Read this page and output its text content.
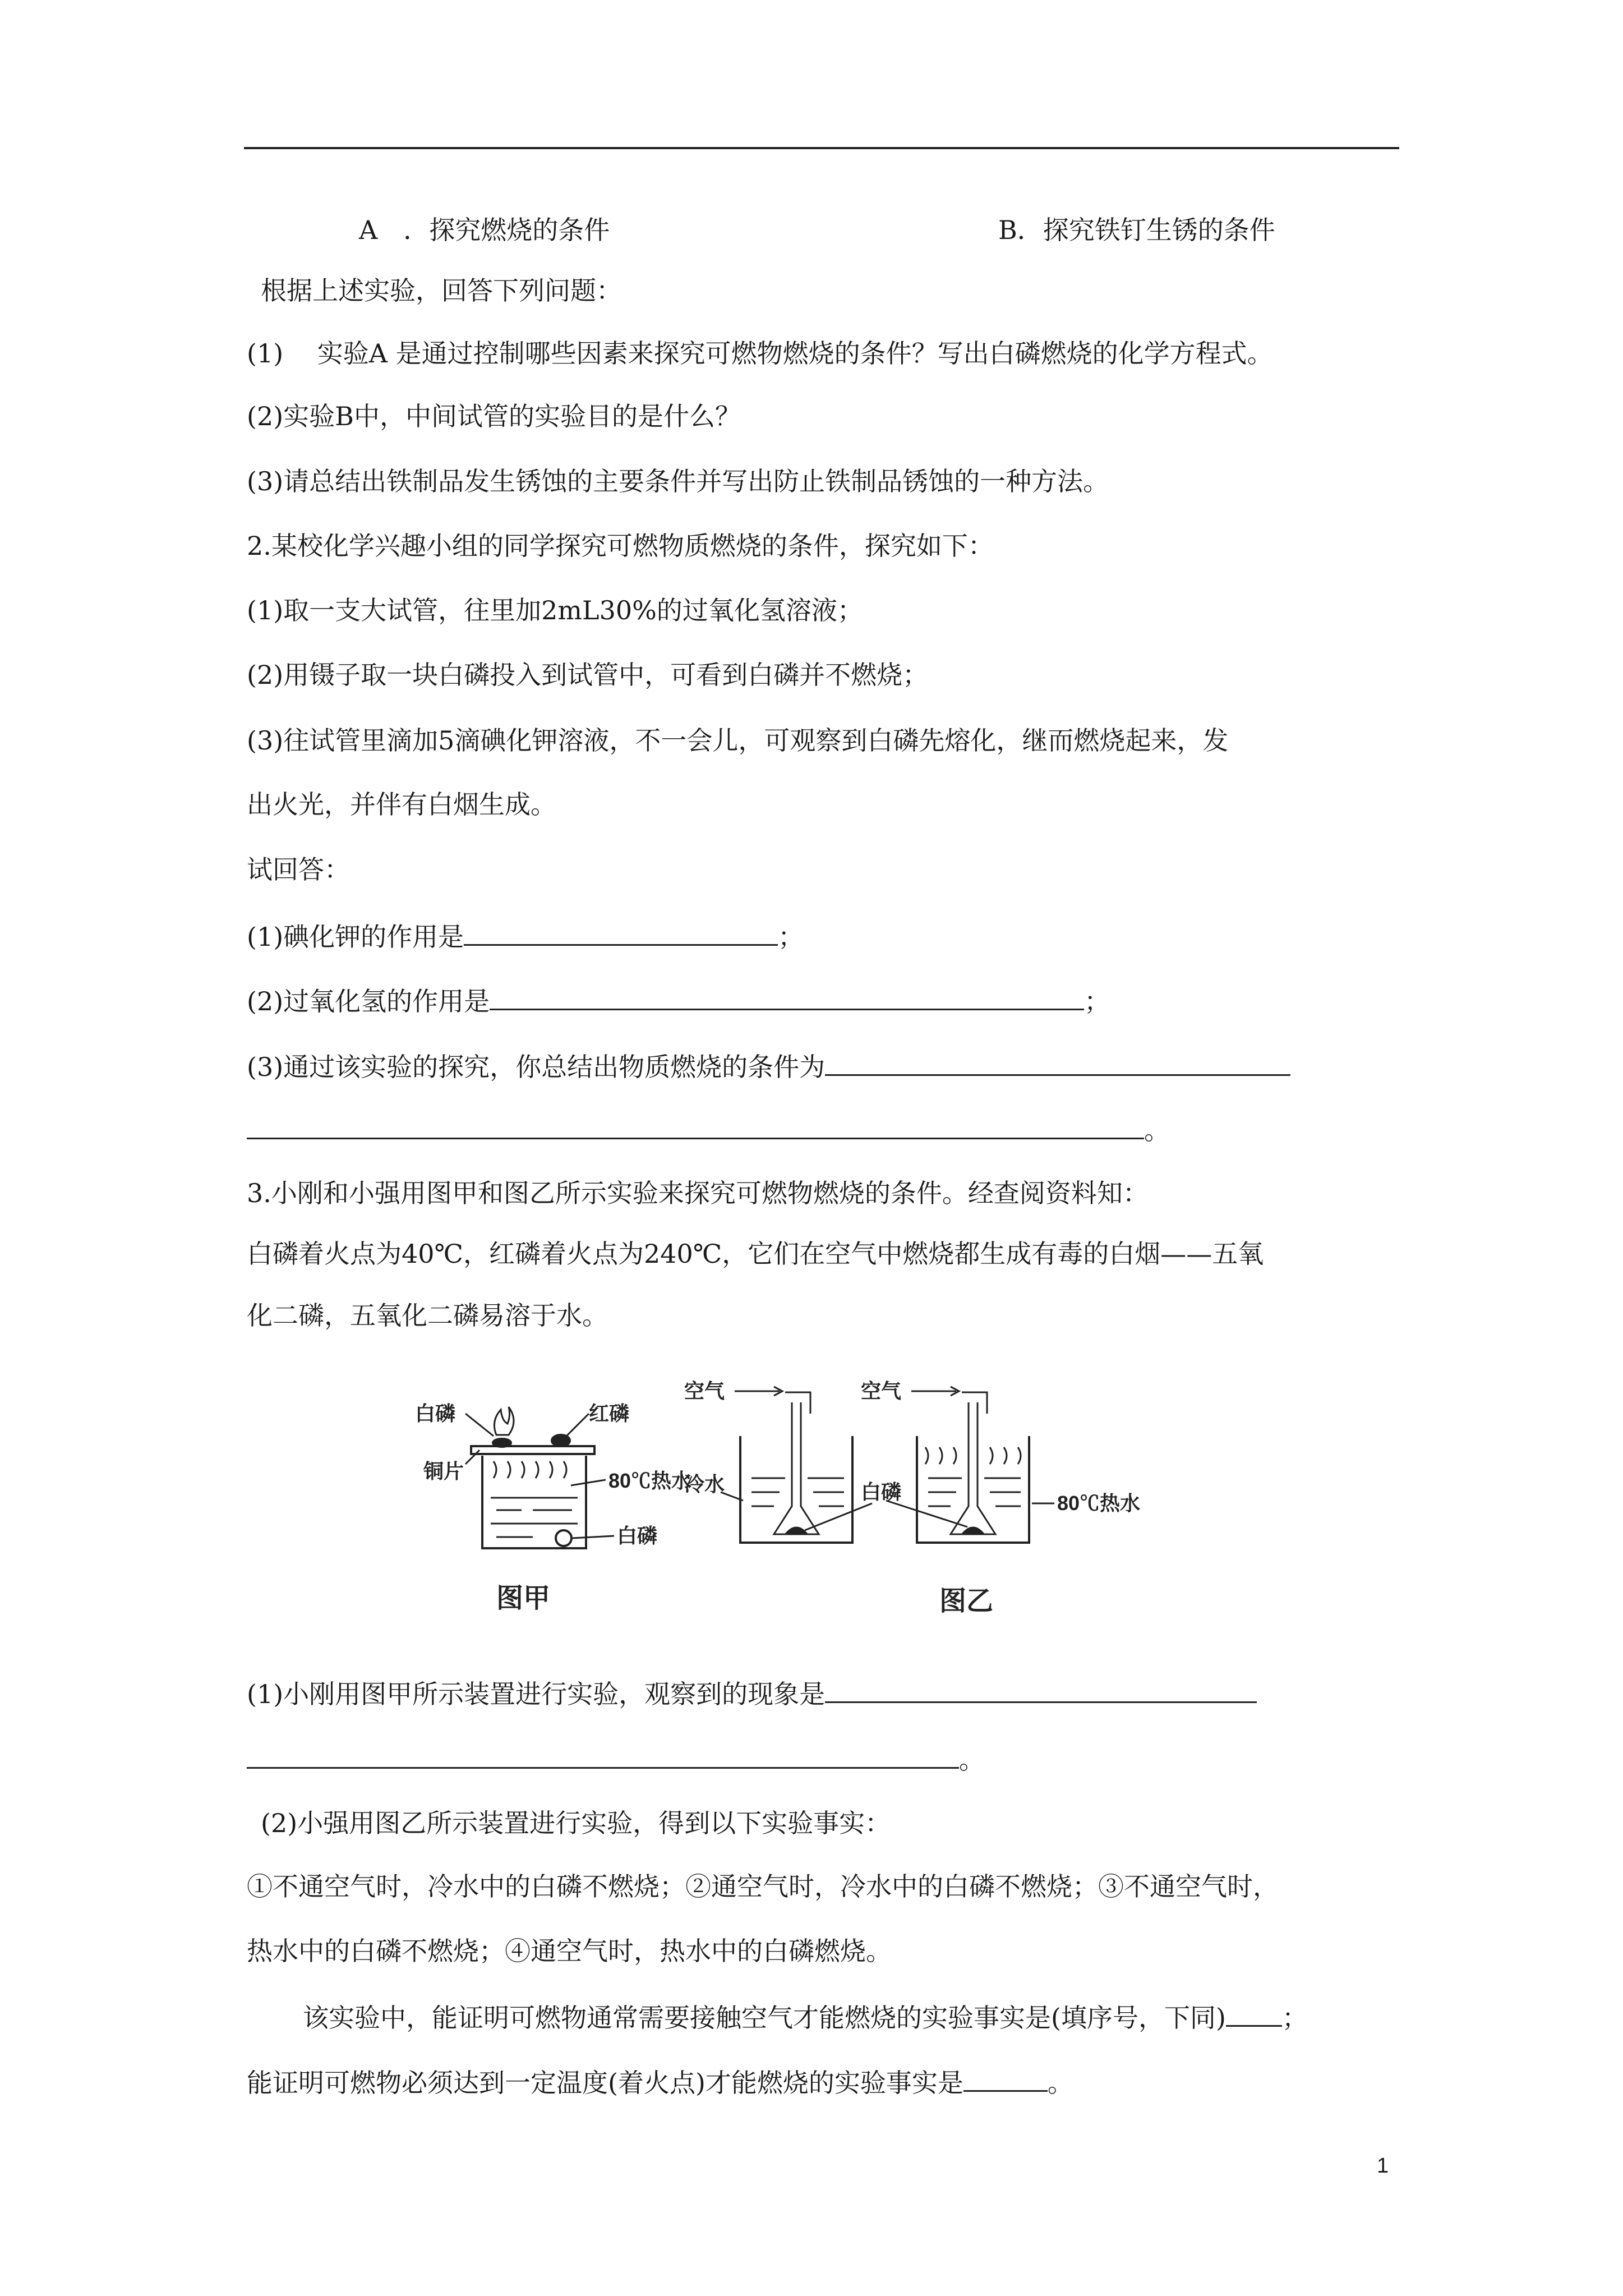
A　．探究燃烧的条件	B．探究铁钉生锈的条件
根据上述实验，回答下列问题：
(1)　 实验A 是通过控制哪些因素来探究可燃物燃烧的条件？写出白磷燃烧的化学方程式。
(2)实验B中，中间试管的实验目的是什么？
(3)请总结出铁制品发生锈蚀的主要条件并写出防止铁制品锈蚀的一种方法。
2.某校化学兴趣小组的同学探究可燃物质燃烧的条件，探究如下：
(1)取一支大试管，往里加2mL30%的过氧化氢溶液；
(2)用镊子取一块白磷投入到试管中，可看到白磷并不燃烧；
(3)往试管里滴加5滴碘化钾溶液，不一会儿，可观察到白磷先熔化，继而燃烧起来，发
出火光，并伴有白烟生成。
试回答：
(1)碘化钾的作用是	；
(2)过氧化氢的作用是	；
(3)通过该实验的探究，你总结出物质燃烧的条件为
。
3.小刚和小强用图甲和图乙所示实验来探究可燃物燃烧的条件。经查阅资料知：
白磷着火点为40℃，红磷着火点为240℃，它们在空气中燃烧都生成有毒的白烟——五氧
化二磷，五氧化二磷易溶于水。
白磷	红磷
铜片	80℃热水
白磷
图甲
空气
冷水	白磷
空气
80℃热水
图乙
(1)小刚用图甲所示装置进行实验，观察到的现象是
。
(2)小强用图乙所示装置进行实验，得到以下实验事实：
①不通空气时，冷水中的白磷不燃烧；②通空气时，冷水中的白磷不燃烧；③不通空气时，
热水中的白磷不燃烧；④通空气时，热水中的白磷燃烧。
该实验中，能证明可燃物通常需要接触空气才能燃烧的实验事实是(填序号，下同) ；
能证明可燃物必须达到一定温度(着火点)才能燃烧的实验事实是	。
1
